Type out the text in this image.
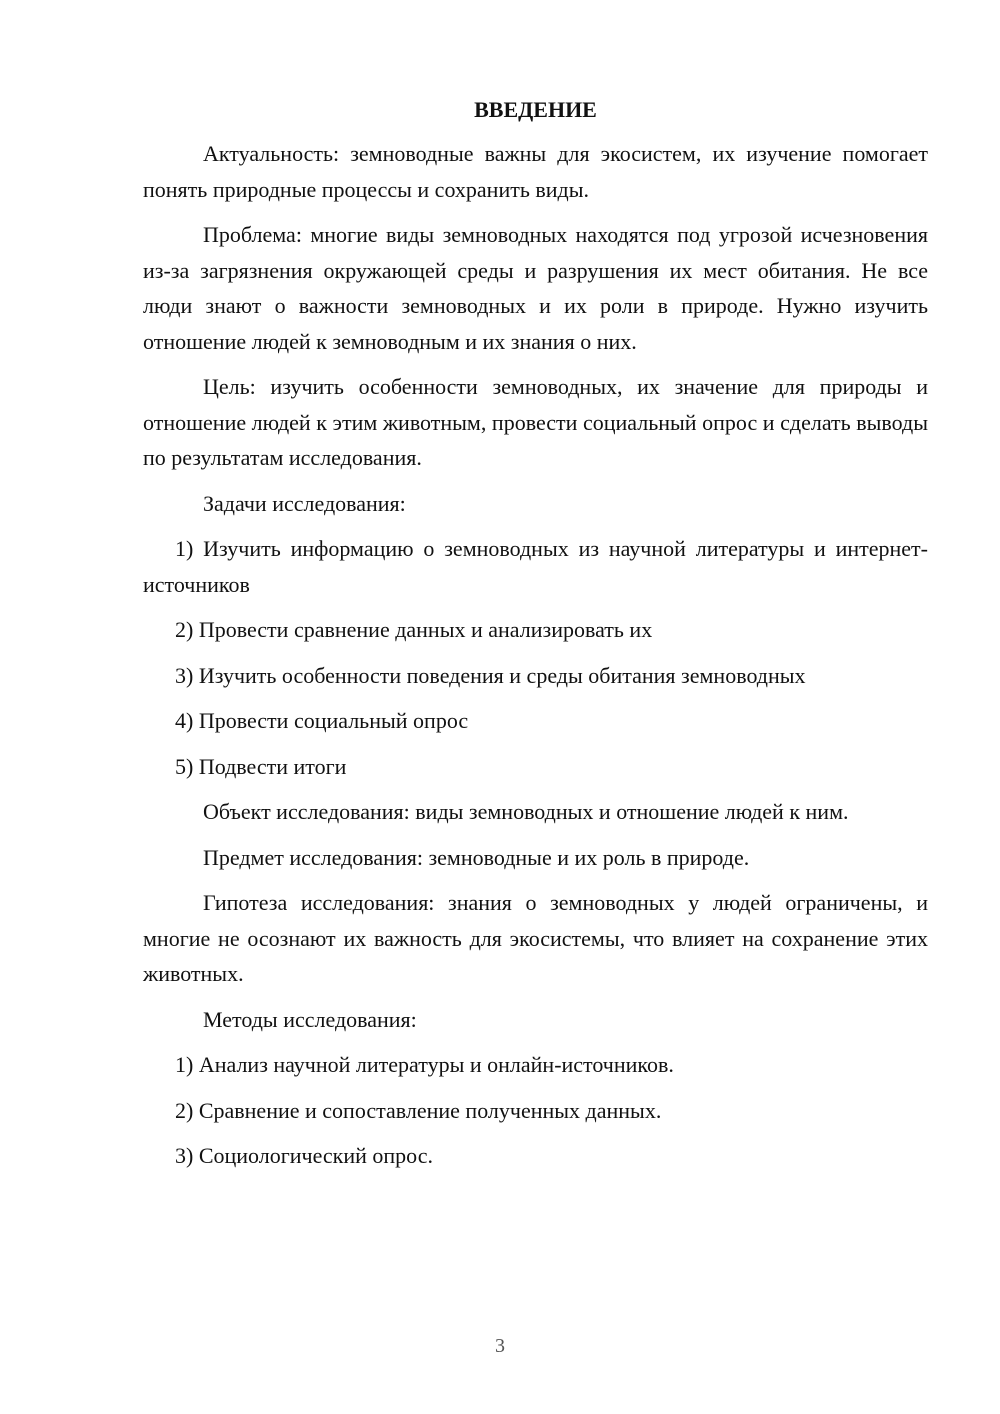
ВВЕДЕНИЕ
Актуальность: земноводные важны для экосистем, их изучение помогает понять природные процессы и сохранить виды.
Проблема: многие виды земноводных находятся под угрозой исчезновения из-за загрязнения окружающей среды и разрушения их мест обитания. Не все люди знают о важности земноводных и их роли в природе. Нужно изучить отношение людей к земноводным и их знания о них.
Цель: изучить особенности земноводных, их значение для природы и отношение людей к этим животным, провести социальный опрос и сделать выводы по результатам исследования.
Задачи исследования:
1) Изучить информацию о земноводных из научной литературы и интернет-источников
2) Провести сравнение данных и анализировать их
3) Изучить особенности поведения и среды обитания земноводных
4) Провести социальный опрос
5) Подвести итоги
Объект исследования: виды земноводных и отношение людей к ним.
Предмет исследования: земноводные и их роль в природе.
Гипотеза исследования: знания о земноводных у людей ограничены, и многие не осознают их важность для экосистемы, что влияет на сохранение этих животных.
Методы исследования:
1) Анализ научной литературы и онлайн-источников.
2) Сравнение и сопоставление полученных данных.
3) Социологический опрос.
3
